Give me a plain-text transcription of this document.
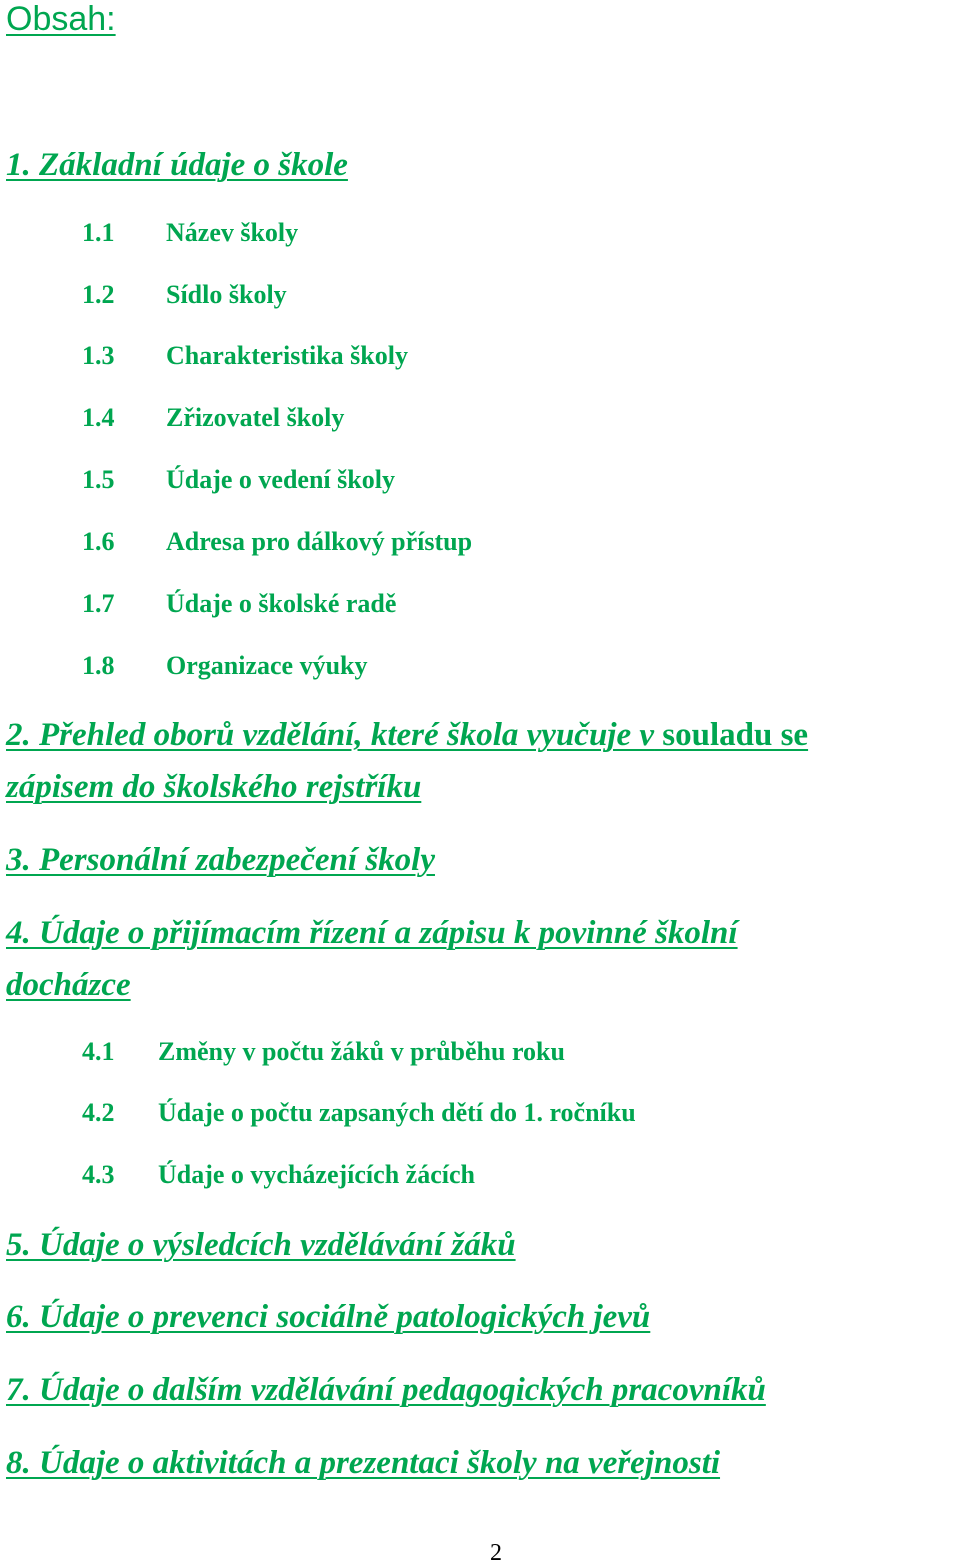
Obsah:
1. Základní údaje o škole
1.1 Název školy
1.2 Sídlo školy
1.3 Charakteristika školy
1.4 Zřizovatel školy
1.5 Údaje o vedení školy
1.6 Adresa pro dálkový přístup
1.7 Údaje o školské radě
1.8 Organizace výuky
2. Přehled oborů vzdělání, které škola vyučuje v souladu se
zápisem do školského rejstříku
3. Personální zabezpečení školy
4. Údaje o přijímacím řízení a zápisu k povinné školní
docházce
4.1 Změny v počtu žáků v průběhu roku
4.2 Údaje o počtu zapsaných dětí do 1. ročníku
4.3 Údaje o vycházejících žácích
5. Údaje o výsledcích vzdělávání žáků
6. Údaje o prevenci sociálně patologických jevů
7. Údaje o dalším vzdělávání pedagogických pracovníků
8. Údaje o aktivitách a prezentaci školy na veřejnosti
2
